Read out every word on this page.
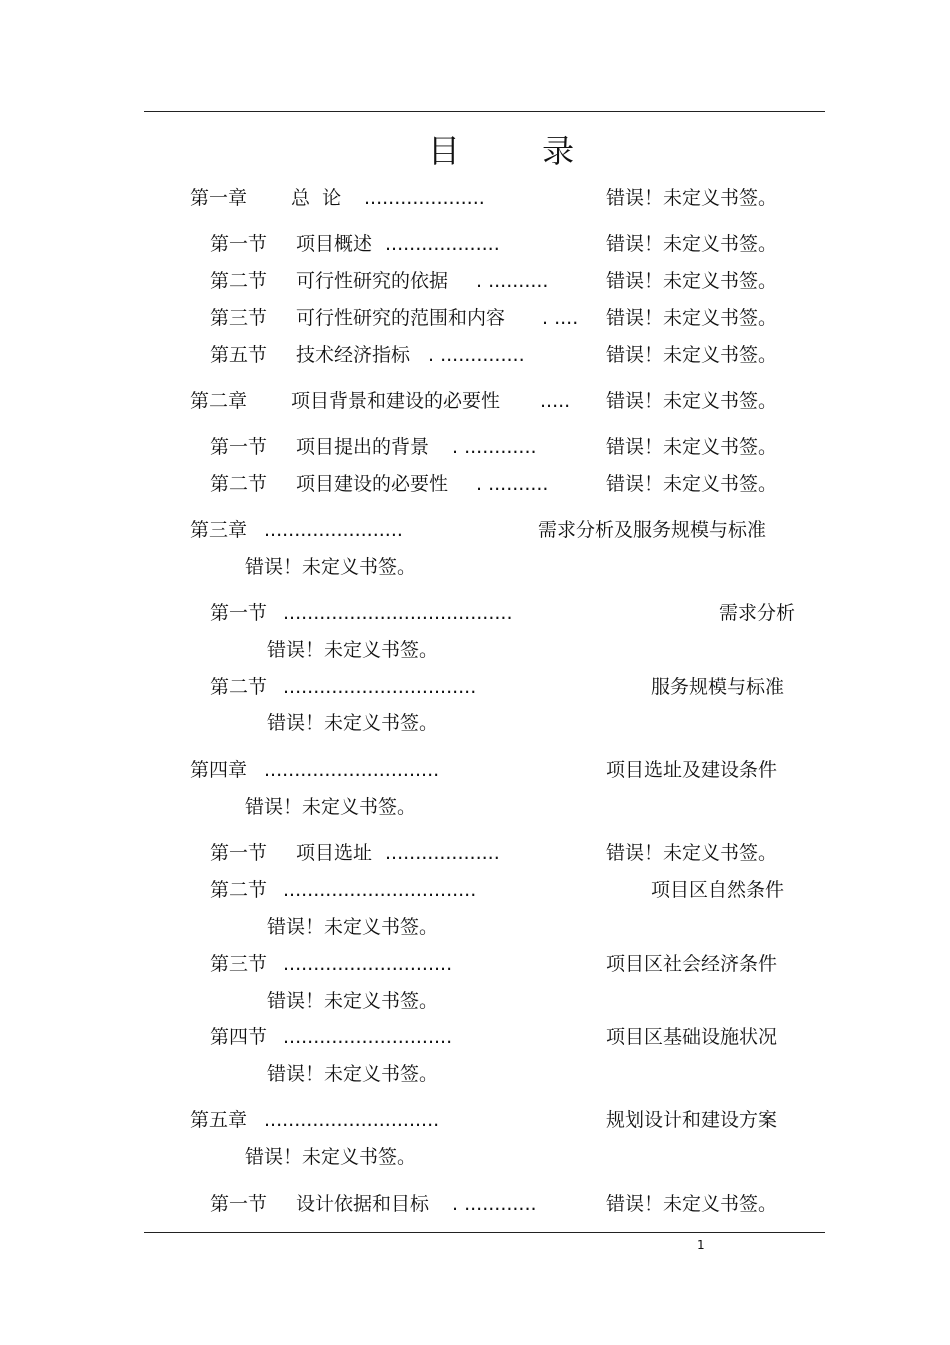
目 录
第一章 总  论 ....................	错误！未定义书签。
第一节 项目概述 ...................	错误！未定义书签。
第二节 可行性研究的依据 . ..........	错误！未定义书签。
第三节 可行性研究的范围和内容 . .... 错误！未定义书签。
第五节 技术经济指标 . ..............	错误！未定义书签。
第二章 项目背景和建设的必要性 ..... 错误！未定义书签。
第一节 项目提出的背景 . ............	错误！未定义书签。
第二节 项目建设的必要性 . ..........	错误！未定义书签。
第三章 .......................	需求分析及服务规模与标准
错误！未定义书签。
第一节 ......................................	需求分析
错误！未定义书签。
第二节 ................................	服务规模与标准
错误！未定义书签。
第四章 .............................	项目选址及建设条件
错误！未定义书签。
第一节 项目选址 ...................	错误！未定义书签。
第二节 ................................	项目区自然条件
错误！未定义书签。
第三节 ............................	项目区社会经济条件
错误！未定义书签。
第四节 ............................	项目区基础设施状况
错误！未定义书签。
第五章 .............................	规划设计和建设方案
错误！未定义书签。
第一节 设计依据和目标 . ............	错误！未定义书签。
1
